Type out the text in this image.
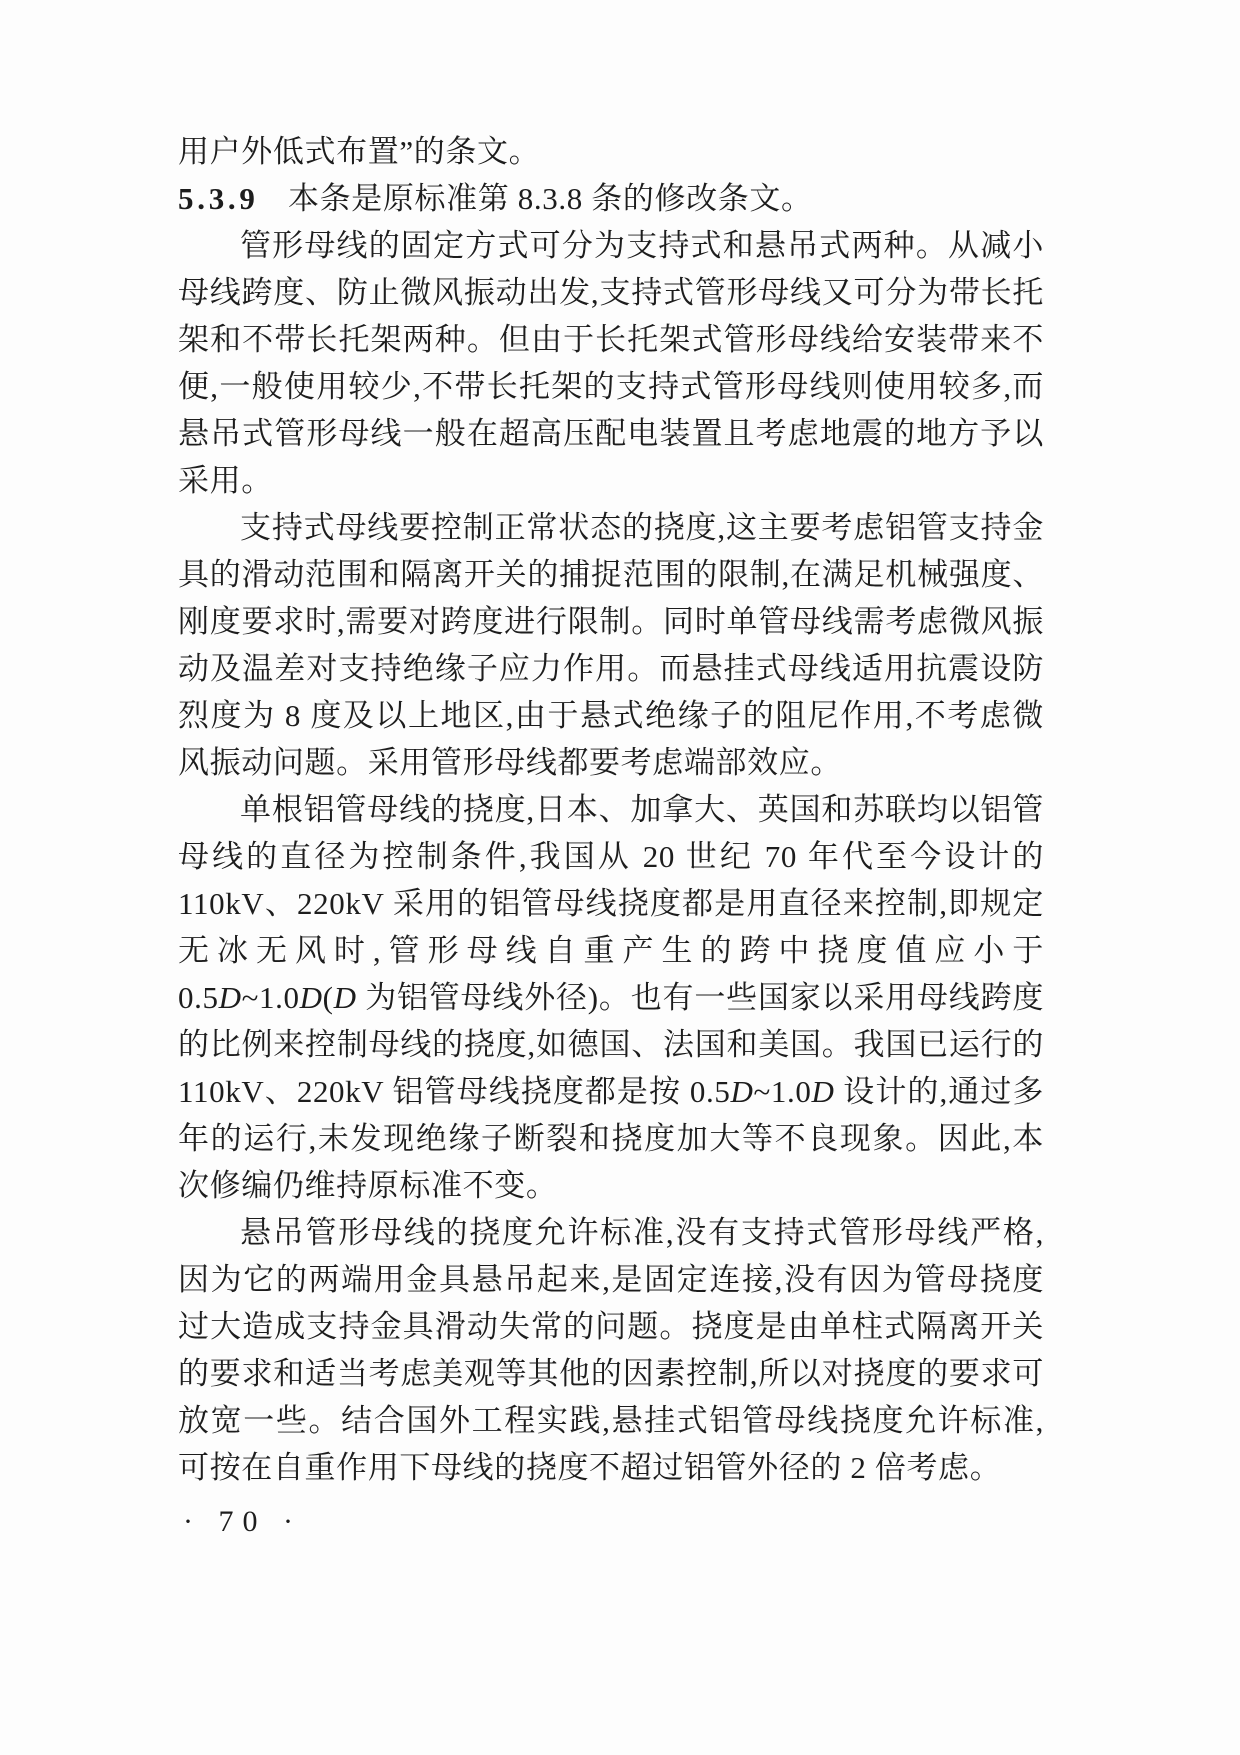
用户外低式布置”的条文。

5.3.9 本条是原标准第 8.3.8 条的修改条文。

管形母线的固定方式可分为支持式和悬吊式两种。从减小母线跨度、防止微风振动出发,支持式管形母线又可分为带长托架和不带长托架两种。但由于长托架式管形母线给安装带来不便,一般使用较少,不带长托架的支持式管形母线则使用较多,而悬吊式管形母线一般在超高压配电装置且考虑地震的地方予以采用。

支持式母线要控制正常状态的挠度,这主要考虑铝管支持金具的滑动范围和隔离开关的捕捉范围的限制,在满足机械强度、刚度要求时,需要对跨度进行限制。同时单管母线需考虑微风振动及温差对支持绝缘子应力作用。而悬挂式母线适用抗震设防烈度为 8 度及以上地区,由于悬式绝缘子的阻尼作用,不考虑微风振动问题。采用管形母线都要考虑端部效应。

单根铝管母线的挠度,日本、加拿大、英国和苏联均以铝管母线的直径为控制条件,我国从 20 世纪 70 年代至今设计的 110kV、220kV 采用的铝管母线挠度都是用直径来控制,即规定无冰无风时,管形母线自重产生的跨中挠度值应小于 0.5D~1.0D(D 为铝管母线外径)。也有一些国家以采用母线跨度的比例来控制母线的挠度,如德国、法国和美国。我国已运行的 110kV、220kV 铝管母线挠度都是按 0.5D~1.0D 设计的,通过多年的运行,未发现绝缘子断裂和挠度加大等不良现象。因此,本次修编仍维持原标准不变。

悬吊管形母线的挠度允许标准,没有支持式管形母线严格,因为它的两端用金具悬吊起来,是固定连接,没有因为管母挠度过大造成支持金具滑动失常的问题。挠度是由单柱式隔离开关的要求和适当考虑美观等其他的因素控制,所以对挠度的要求可放宽一些。结合国外工程实践,悬挂式铝管母线挠度允许标准,可按在自重作用下母线的挠度不超过铝管外径的 2 倍考虑。

· 70 ·
